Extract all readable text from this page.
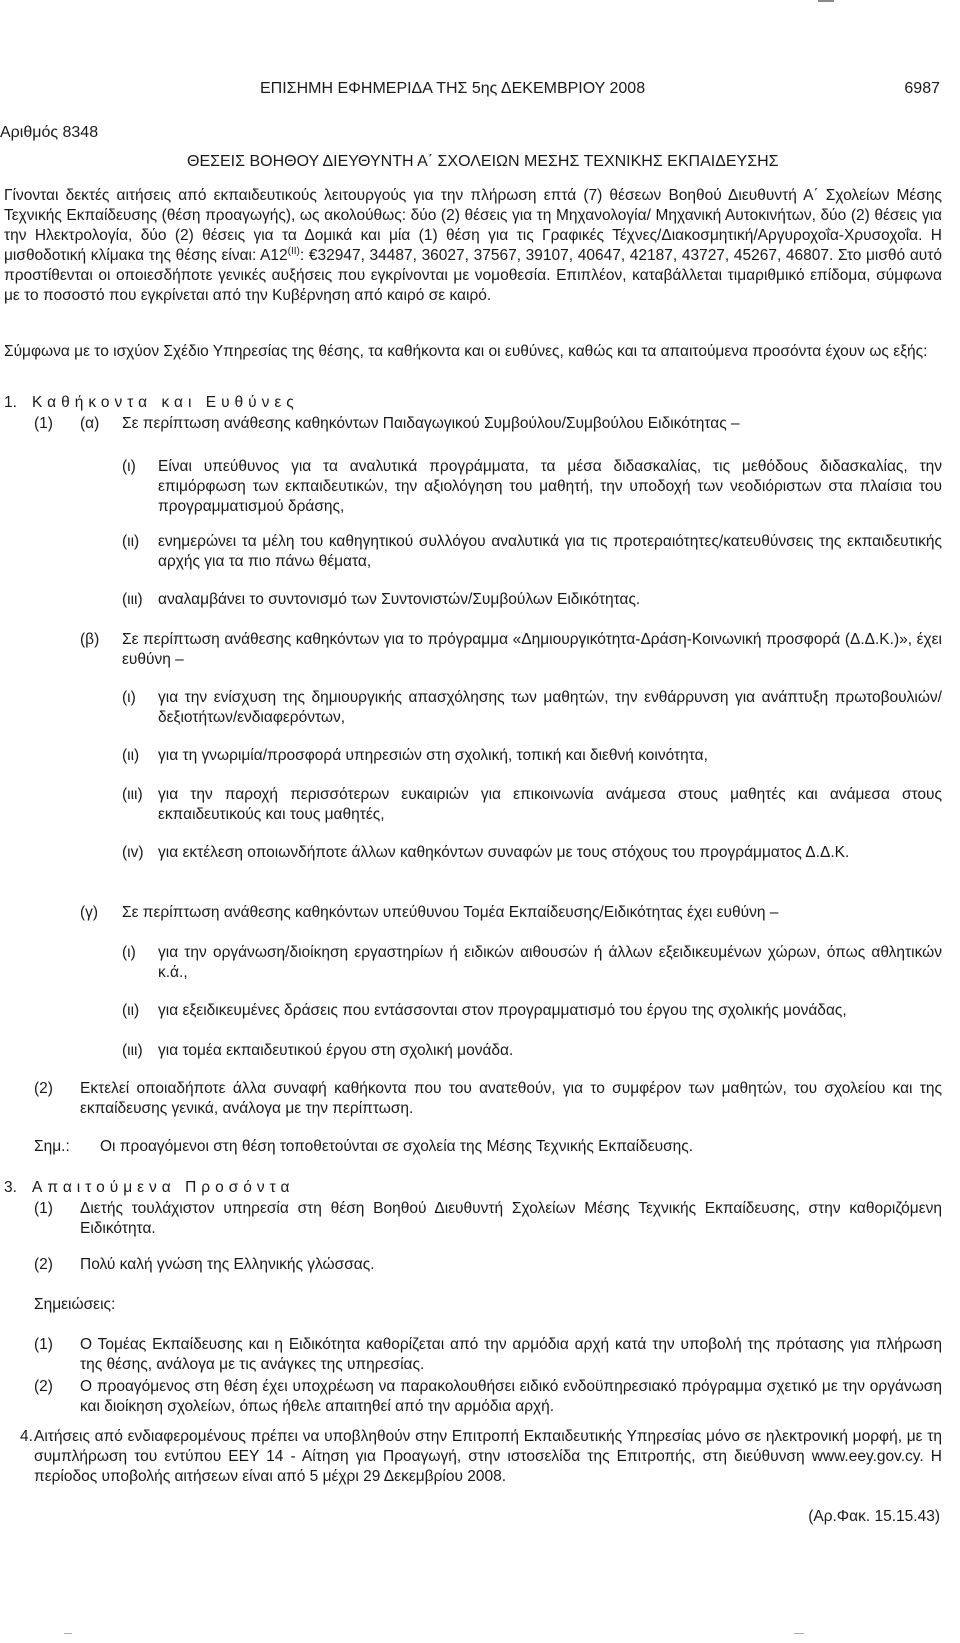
ΕΠΙΣΗΜΗ ΕΦΗΜΕΡΙΔΑ ΤΗΣ 5ης ΔΕΚΕΜΒΡΙΟΥ 2008	6987
Αριθμός 8348
ΘΕΣΕΙΣ ΒΟΗΘΟΥ ΔΙΕΥΘΥΝΤΗ Α΄ ΣΧΟΛΕΙΩΝ ΜΕΣΗΣ ΤΕΧΝΙΚΗΣ ΕΚΠΑΙΔΕΥΣΗΣ
Γίνονται δεκτές αιτήσεις από εκπαιδευτικούς λειτουργούς για την πλήρωση επτά (7) θέσεων Βοηθού Διευθυντή Α΄ Σχολείων Μέσης Τεχνικής Εκπαίδευσης (θέση προαγωγής), ως ακολούθως: δύο (2) θέσεις για τη Μηχανολογία/ Μηχανική Αυτοκινήτων, δύο (2) θέσεις για την Ηλεκτρολογία, δύο (2) θέσεις για τα Δομικά και μία (1) θέση για τις Γραφικές Τέχνες/Διακοσμητική/Αργυροχοΐα-Χρυσοχοΐα. Η μισθοδοτική κλίμακα της θέσης είναι: $A12^{(II)}$: €32947, 34487, 36027, 37567, 39107, 40647, 42187, 43727, 45267, 46807. Στο μισθό αυτό προστίθενται οι οποιεσδήποτε γενικές αυξήσεις που εγκρίνονται με νομοθεσία. Επιπλέον, καταβάλλεται τιμαριθμικό επίδομα, σύμφωνα με το ποσοστό που εγκρίνεται από την Κυβέρνηση από καιρό σε καιρό.
Σύμφωνα με το ισχύον Σχέδιο Υπηρεσίας της θέσης, τα καθήκοντα και οι ευθύνες, καθώς και τα απαιτούμενα προσόντα έχουν ως εξής:
1. Καθήκοντα και Ευθύνες
(1) (α) Σε περίπτωση ανάθεσης καθηκόντων Παιδαγωγικού Συμβούλου/Συμβούλου Ειδικότητας –
(ι) Είναι υπεύθυνος για τα αναλυτικά προγράμματα, τα μέσα διδασκαλίας, τις μεθόδους διδασκαλίας, την επιμόρφωση των εκπαιδευτικών, την αξιολόγηση του μαθητή, την υποδοχή των νεοδιόριστων στα πλαίσια του προγραμματισμού δράσης,
(ιι) ενημερώνει τα μέλη του καθηγητικού συλλόγου αναλυτικά για τις προτεραιότητες/κατευθύνσεις της εκπαιδευτικής αρχής για τα πιο πάνω θέματα,
(ιιι) αναλαμβάνει το συντονισμό των Συντονιστών/Συμβούλων Ειδικότητας.
(β) Σε περίπτωση ανάθεσης καθηκόντων για το πρόγραμμα «Δημιουργικότητα-Δράση-Κοινωνική προσφορά (Δ.Δ.Κ.)», έχει ευθύνη –
(ι) για την ενίσχυση της δημιουργικής απασχόλησης των μαθητών, την ενθάρρυνση για ανάπτυξη πρωτοβουλιών/δεξιοτήτων/ενδιαφερόντων,
(ιι) για τη γνωριμία/προσφορά υπηρεσιών στη σχολική, τοπική και διεθνή κοινότητα,
(ιιι) για την παροχή περισσότερων ευκαιριών για επικοινωνία ανάμεσα στους μαθητές και ανάμεσα στους εκπαιδευτικούς και τους μαθητές,
(ιv) για εκτέλεση οποιωνδήποτε άλλων καθηκόντων συναφών με τους στόχους του προγράμματος Δ.Δ.Κ.
(γ) Σε περίπτωση ανάθεσης καθηκόντων υπεύθυνου Τομέα Εκπαίδευσης/Ειδικότητας έχει ευθύνη –
(ι) για την οργάνωση/διοίκηση εργαστηρίων ή ειδικών αιθουσών ή άλλων εξειδικευμένων χώρων, όπως αθλητικών κ.ά.,
(ιι) για εξειδικευμένες δράσεις που εντάσσονται στον προγραμματισμό του έργου της σχολικής μονάδας,
(ιιι) για τομέα εκπαιδευτικού έργου στη σχολική μονάδα.
(2) Εκτελεί οποιαδήποτε άλλα συναφή καθήκοντα που του ανατεθούν, για το συμφέρον των μαθητών, του σχολείου και της εκπαίδευσης γενικά, ανάλογα με την περίπτωση.
Σημ.: Οι προαγόμενοι στη θέση τοποθετούνται σε σχολεία της Μέσης Τεχνικής Εκπαίδευσης.
3. Απαιτούμενα Προσόντα
(1) Διετής τουλάχιστον υπηρεσία στη θέση Βοηθού Διευθυντή Σχολείων Μέσης Τεχνικής Εκπαίδευσης, στην καθοριζόμενη Ειδικότητα.
(2) Πολύ καλή γνώση της Ελληνικής γλώσσας.
Σημειώσεις:
(1) Ο Τομέας Εκπαίδευσης και η Ειδικότητα καθορίζεται από την αρμόδια αρχή κατά την υποβολή της πρότασης για πλήρωση της θέσης, ανάλογα με τις ανάγκες της υπηρεσίας.
(2) Ο προαγόμενος στη θέση έχει υποχρέωση να παρακολουθήσει ειδικό ενδοϋπηρεσιακό πρόγραμμα σχετικό με την οργάνωση και διοίκηση σχολείων, όπως ήθελε απαιτηθεί από την αρμόδια αρχή.
4. Αιτήσεις από ενδιαφερομένους πρέπει να υποβληθούν στην Επιτροπή Εκπαιδευτικής Υπηρεσίας μόνο σε ηλεκτρονική μορφή, με τη συμπλήρωση του εντύπου ΕΕΥ 14 - Αίτηση για Προαγωγή, στην ιστοσελίδα της Επιτροπής, στη διεύθυνση www.eey.gov.cy. Η περίοδος υποβολής αιτήσεων είναι από 5 μέχρι 29 Δεκεμβρίου 2008.
(Αρ.Φακ. 15.15.43)
